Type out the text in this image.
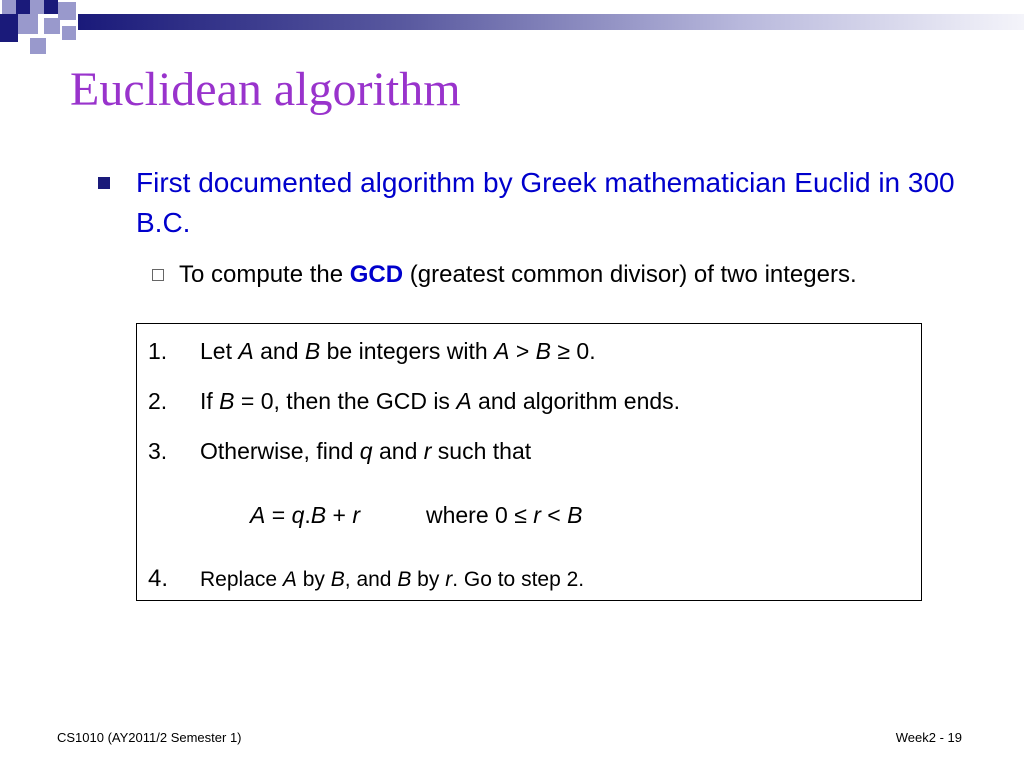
Euclidean algorithm
First documented algorithm by Greek mathematician Euclid in 300 B.C.
To compute the GCD (greatest common divisor) of two integers.
1. Let A and B be integers with A > B ≥ 0.
2. If B = 0, then the GCD is A and algorithm ends.
3. Otherwise, find q and r such that
A = q.B + r	where 0 ≤ r < B
4. Replace A by B, and B by r. Go to step 2.
CS1010 (AY2011/2 Semester 1)	Week2 - 19
